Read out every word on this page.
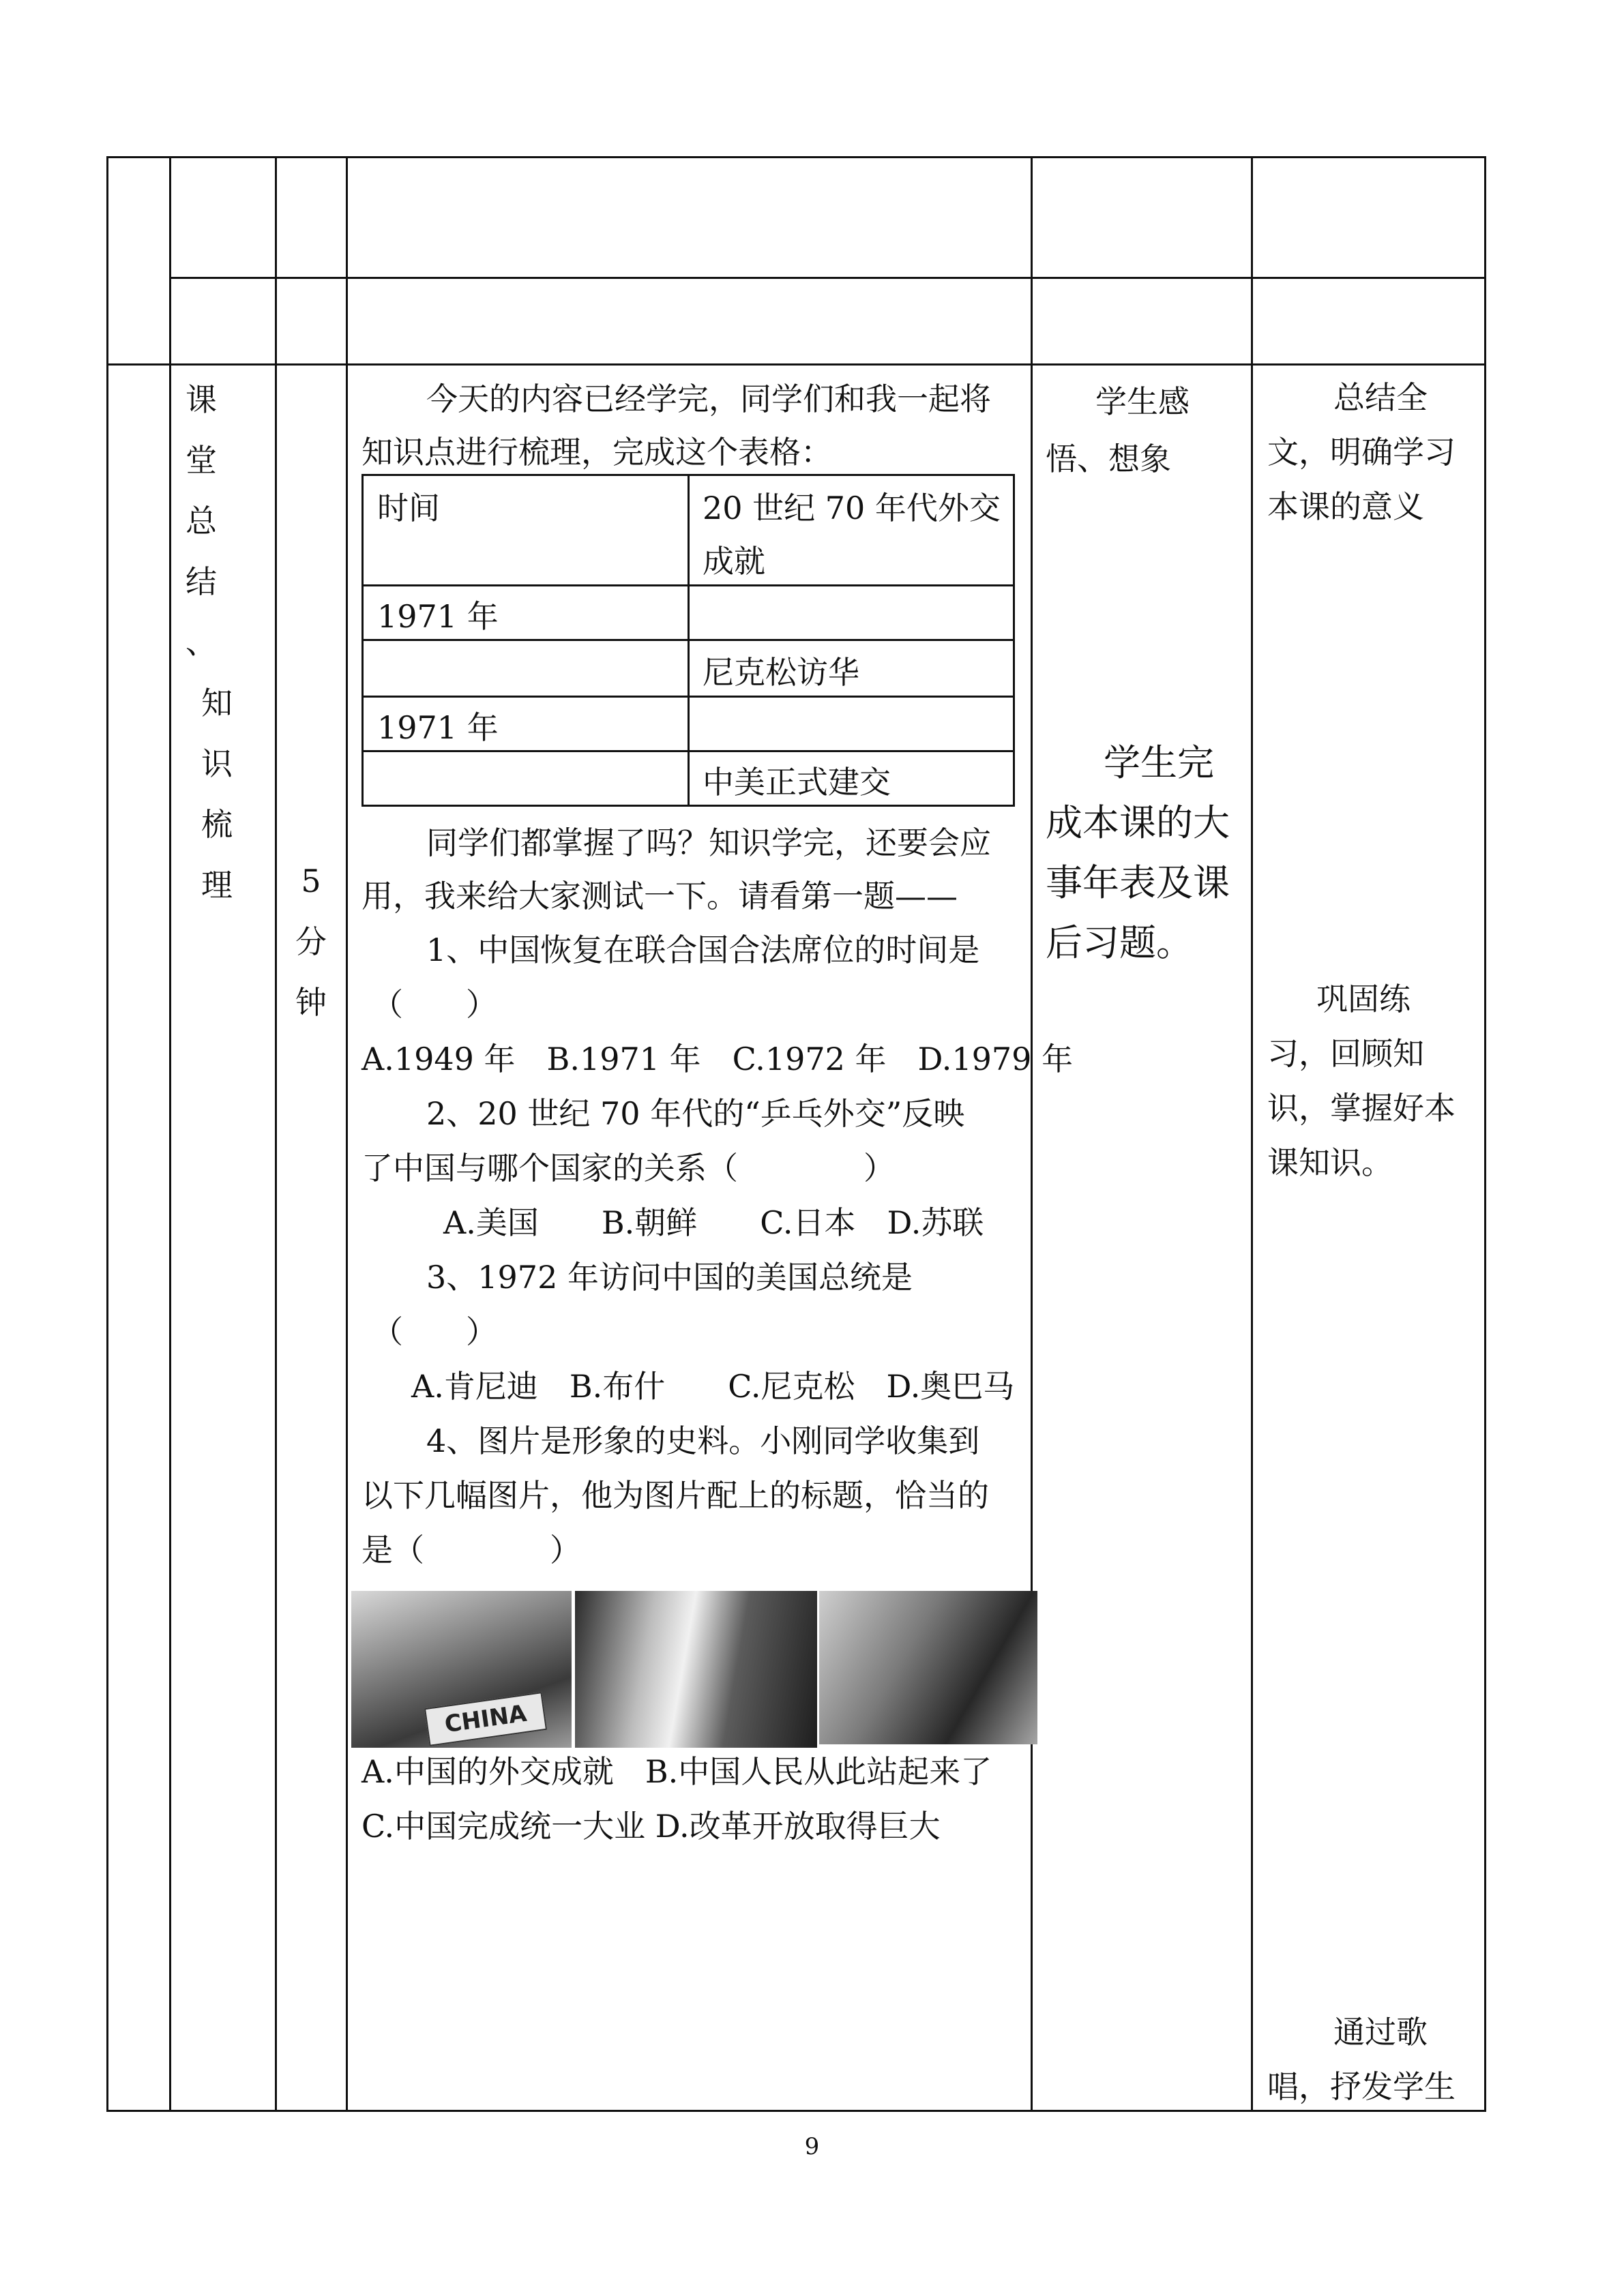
课
堂
总
结
、
知
识
梳
理	5
分
钟
今天的内容已经学完，同学们和我一起将
知识点进行梳理，完成这个表格：
时间	20 世纪 70 年代外交
成就
1971 年
尼克松访华
1971 年
中美正式建交
同学们都掌握了吗？知识学完，还要会应
用，我来给大家测试一下。请看第一题——
1、中国恢复在联合国合法席位的时间是
（　　）
A.1949 年　B.1971 年　C.1972 年　D.1979 年
2、20 世纪 70 年代的“乒乓外交”反映
了中国与哪个国家的关系（　　　　）
A.美国　　B.朝鲜　　C.日本　D.苏联
3、1972 年访问中国的美国总统是
（　　）
A.肯尼迪　B.布什　　C.尼克松　D.奥巴马
4、图片是形象的史料。小刚同学收集到
以下几幅图片，他为图片配上的标题，恰当的
是（　　　　）
CHINA
A.中国的外交成就　B.中国人民从此站起来了
C.中国完成统一大业 D.改革开放取得巨大
学生感
悟、想象
学生完
成本课的大
事年表及课
后习题。
总结全
文，明确学习
本课的意义
巩固练
习，回顾知
识，掌握好本
课知识。
通过歌
唱，抒发学生
9
